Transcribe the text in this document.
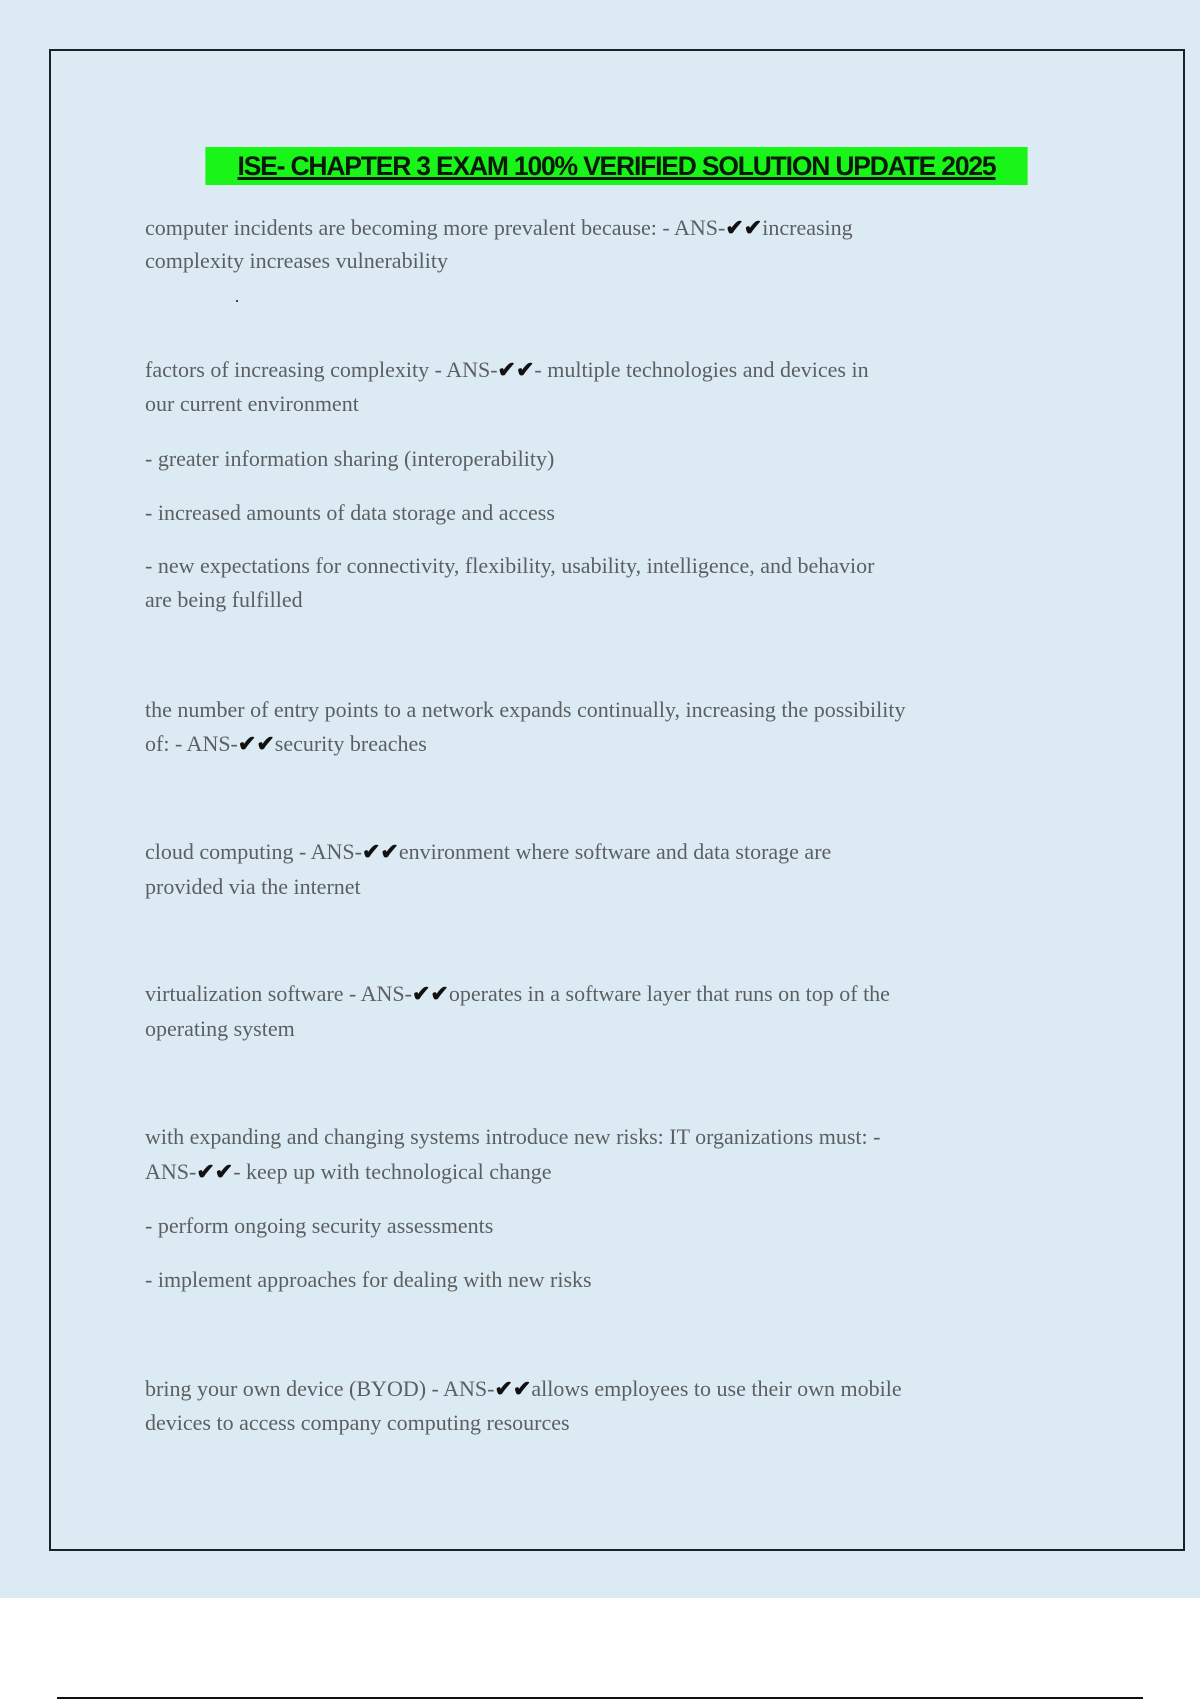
ISE- CHAPTER 3 EXAM 100% VERIFIED SOLUTION UPDATE 2025
computer incidents are becoming more prevalent because: - ANS-✔✔increasing
complexity increases vulnerability
factors of increasing complexity - ANS-✔✔- multiple technologies and devices in
our current environment
- greater information sharing (interoperability)
- increased amounts of data storage and access
- new expectations for connectivity, flexibility, usability, intelligence, and behavior
are being fulfilled
the number of entry points to a network expands continually, increasing the possibility
of: - ANS-✔✔security breaches
cloud computing - ANS-✔✔environment where software and data storage are
provided via the internet
virtualization software - ANS-✔✔operates in a software layer that runs on top of the
operating system
with expanding and changing systems introduce new risks: IT organizations must: -
ANS-✔✔- keep up with technological change
- perform ongoing security assessments
- implement approaches for dealing with new risks
bring your own device (BYOD) - ANS-✔✔allows employees to use their own mobile
devices to access company computing resources
